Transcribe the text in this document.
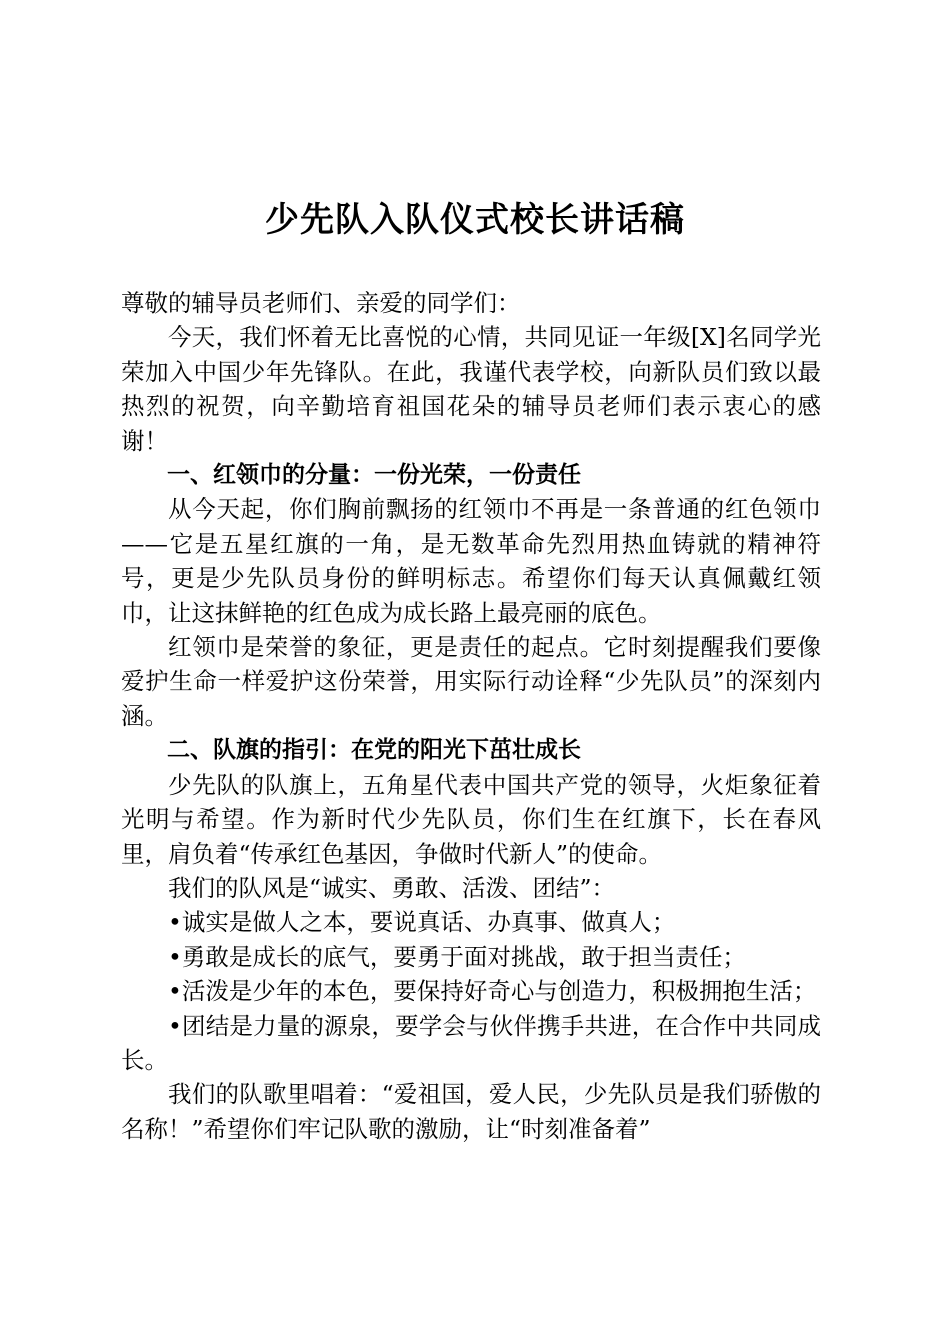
少先队入队仪式校长讲话稿

尊敬的辅导员老师们、亲爱的同学们：

今天，我们怀着无比喜悦的心情，共同见证一年级[X]名同学光荣加入中国少年先锋队。在此，我谨代表学校，向新队员们致以最热烈的祝贺，向辛勤培育祖国花朵的辅导员老师们表示衷心的感谢！

一、红领巾的分量：一份光荣，一份责任

从今天起，你们胸前飘扬的红领巾不再是一条普通的红色领巾——它是五星红旗的一角，是无数革命先烈用热血铸就的精神符号，更是少先队员身份的鲜明标志。希望你们每天认真佩戴红领巾，让这抹鲜艳的红色成为成长路上最亮丽的底色。

红领巾是荣誉的象征，更是责任的起点。它时刻提醒我们要像爱护生命一样爱护这份荣誉，用实际行动诠释“少先队员”的深刻内涵。

二、队旗的指引：在党的阳光下茁壮成长

少先队的队旗上，五角星代表中国共产党的领导，火炬象征着光明与希望。作为新时代少先队员，你们生在红旗下，长在春风里，肩负着“传承红色基因，争做时代新人”的使命。

我们的队风是“诚实、勇敢、活泼、团结”：

•诚实是做人之本，要说真话、办真事、做真人；

•勇敢是成长的底气，要勇于面对挑战，敢于担当责任；

•活泼是少年的本色，要保持好奇心与创造力，积极拥抱生活；

•团结是力量的源泉，要学会与伙伴携手共进，在合作中共同成长。

我们的队歌里唱着：“爱祖国，爱人民，少先队员是我们骄傲的名称！”希望你们牢记队歌的激励，让“时刻准备着”
